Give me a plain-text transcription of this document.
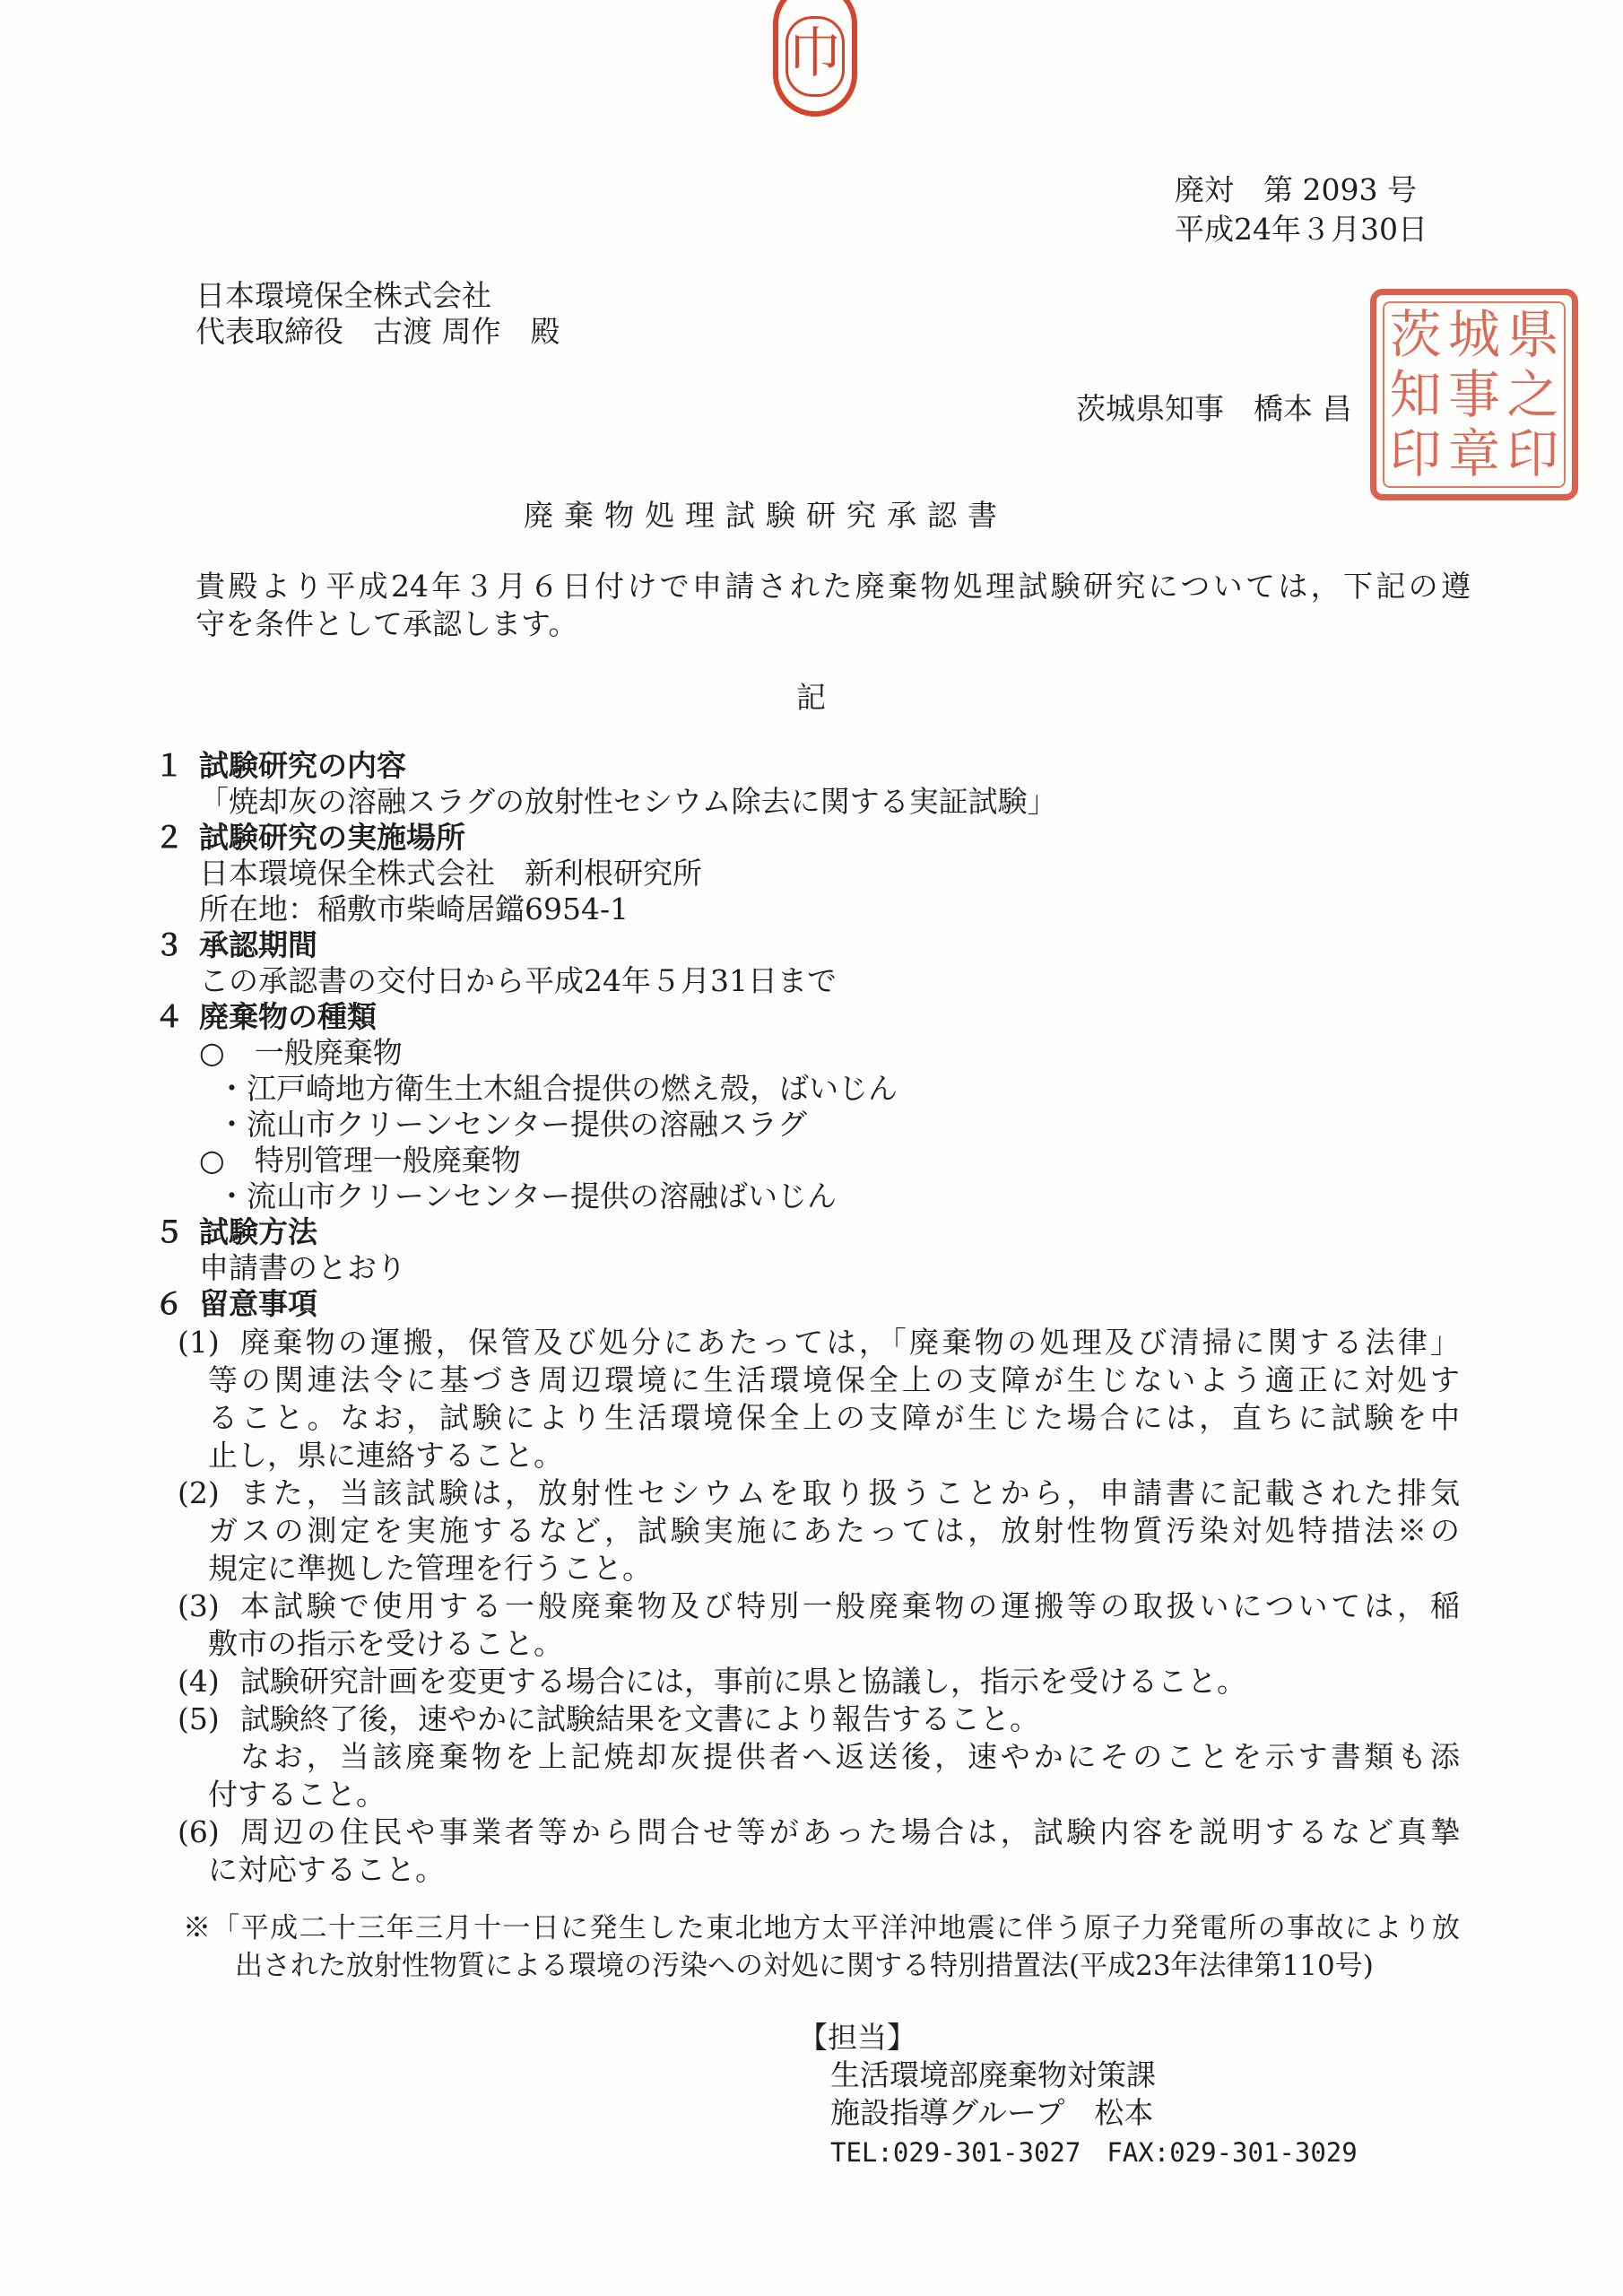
巾
茨 城 県
知 事 之
印 章 印
廃対　第 2093 号
平成24年３月30日
日本環境保全株式会社
代表取締役　古渡 周作　殿
茨城県知事　橋本 昌
廃棄物処理試験研究承認書
貴殿より平成24年３月６日付けで申請された廃棄物処理試験研究については，下記の遵
守を条件として承認します。
記
１ 試験研究の内容
「焼却灰の溶融スラグの放射性セシウム除去に関する実証試験」
２ 試験研究の実施場所
日本環境保全株式会社　新利根研究所
所在地：稲敷市柴崎居鐺6954-1
３ 承認期間
この承認書の交付日から平成24年５月31日まで
４ 廃棄物の種類
○　一般廃棄物
・江戸崎地方衛生土木組合提供の燃え殻，ばいじん
・流山市クリーンセンター提供の溶融スラグ
○　特別管理一般廃棄物
・流山市クリーンセンター提供の溶融ばいじん
５ 試験方法
申請書のとおり
６ 留意事項
(1) 廃棄物の運搬，保管及び処分にあたっては，「廃棄物の処理及び清掃に関する法律」
等の関連法令に基づき周辺環境に生活環境保全上の支障が生じないよう適正に対処す
ること。なお，試験により生活環境保全上の支障が生じた場合には，直ちに試験を中
止し，県に連絡すること。
(2) また，当該試験は，放射性セシウムを取り扱うことから，申請書に記載された排気
ガスの測定を実施するなど，試験実施にあたっては，放射性物質汚染対処特措法※の
規定に準拠した管理を行うこと。
(3) 本試験で使用する一般廃棄物及び特別一般廃棄物の運搬等の取扱いについては，稲
敷市の指示を受けること。
(4) 試験研究計画を変更する場合には，事前に県と協議し，指示を受けること。
(5) 試験終了後，速やかに試験結果を文書により報告すること。
なお，当該廃棄物を上記焼却灰提供者へ返送後，速やかにそのことを示す書類も添
付すること。
(6) 周辺の住民や事業者等から問合せ等があった場合は，試験内容を説明するなど真摯
に対応すること。
※「平成二十三年三月十一日に発生した東北地方太平洋沖地震に伴う原子力発電所の事故により放
出された放射性物質による環境の汚染への対処に関する特別措置法(平成23年法律第110号)
【担当】
生活環境部廃棄物対策課
施設指導グループ　松本
TEL:029-301-3027　FAX:029-301-3029
